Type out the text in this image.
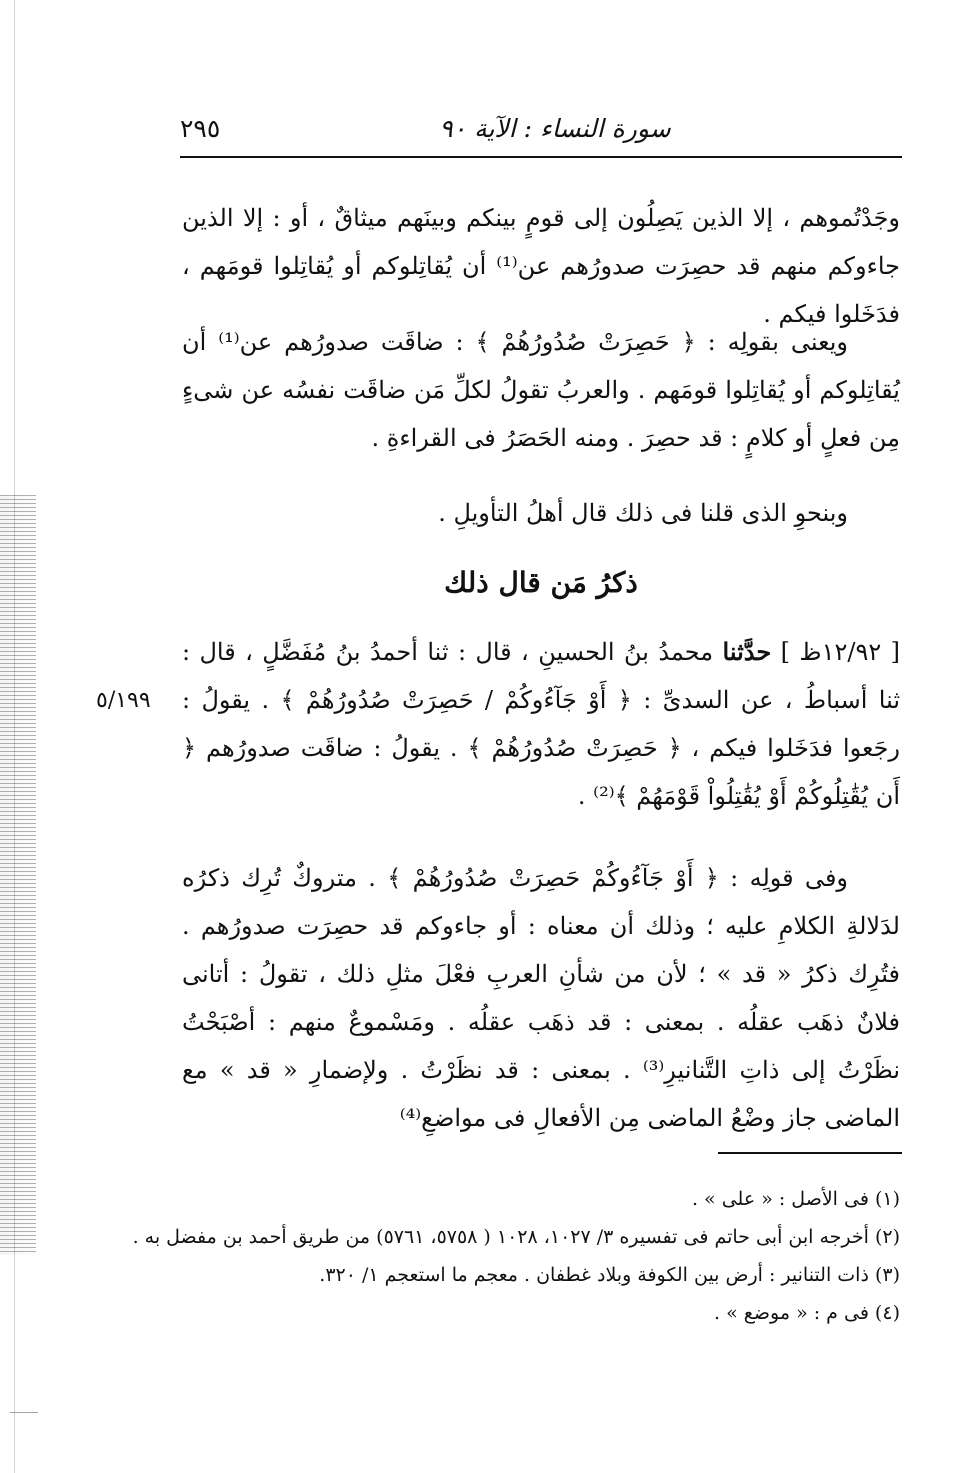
٢٩٥	سورة النساء : الآية ٩٠

وجَدْتُموهم ، إلا الذين يَصِلُون إلى قومٍ بينكم وبينَهم ميثاقٌ ، أو : إلا الذين جاءوكم منهم قد حصِرَت صدورُهم عن⁽¹⁾ أن يُقاتِلوكم أو يُقاتِلوا قومَهم ، فدَخَلوا فيكم .

ويعنى بقولِه : ﴿ حَصِرَتْ صُدُورُهُمْ ﴾ : ضاقَت صدورُهم عن⁽¹⁾ أن يُقاتِلوكم أو يُقاتِلوا قومَهم . والعربُ تقولُ لكلِّ مَن ضاقَت نفسُه عن شىءٍ مِن فعلٍ أو كلامٍ : قد حصِرَ . ومنه الحَصَرُ فى القراءةِ .

وبنحوِ الذى قلنا فى ذلك قال أهلُ التأويلِ .

ذكرُ مَن قال ذلك

[ ١٢/٩٢ظ ] حدَّثنا محمدُ بنُ الحسينِ ، قال : ثنا أحمدُ بنُ مُفَضَّلٍ ، قال : ثنا أسباطُ ، عن السدىِّ : ﴿ أَوْ جَآءُوكُمْ / حَصِرَتْ صُدُورُهُمْ ﴾ . يقولُ : رجَعوا فدَخَلوا فيكم ، ﴿ حَصِرَتْ صُدُورُهُمْ ﴾ . يقولُ : ضاقَت صدورُهم ﴿ أَن يُقَٰتِلُوكُمْ أَوْ يُقَٰتِلُواْ قَوْمَهُمْ ﴾⁽²⁾ .

٥/١٩٩

وفى قولِه : ﴿ أَوْ جَآءُوكُمْ حَصِرَتْ صُدُورُهُمْ ﴾ . متروكٌ تُرِك ذكرُه لدَلالةِ الكلامِ عليه ؛ وذلك أن معناه : أو جاءوكم قد حصِرَت صدورُهم . فتُرِك ذكرُ « قد » ؛ لأن من شأنِ العربِ فعْلَ مثلِ ذلك ، تقولُ : أتانى فلانٌ ذهَب عقلُه . بمعنى : قد ذهَب عقلُه . ومَسْموعٌ منهم : أصْبَحْتُ نظَرْتُ إلى ذاتِ التَّنانيرِ⁽³⁾ . بمعنى : قد نظَرْتُ . ولإضمارِ « قد » مع الماضى جاز وضْعُ الماضى مِن الأفعالِ فى مواضعِ⁽⁴⁾

(١) فى الأصل : « على » .
(٢) أخرجه ابن أبى حاتم فى تفسيره ٣/ ١٠٢٧، ١٠٢٨ ( ٥٧٥٨، ٥٧٦١) من طريق أحمد بن مفضل به .
(٣) ذات التنانير : أرض بين الكوفة وبلاد غطفان . معجم ما استعجم ١/ ٣٢٠.
(٤) فى م : « موضع » .
